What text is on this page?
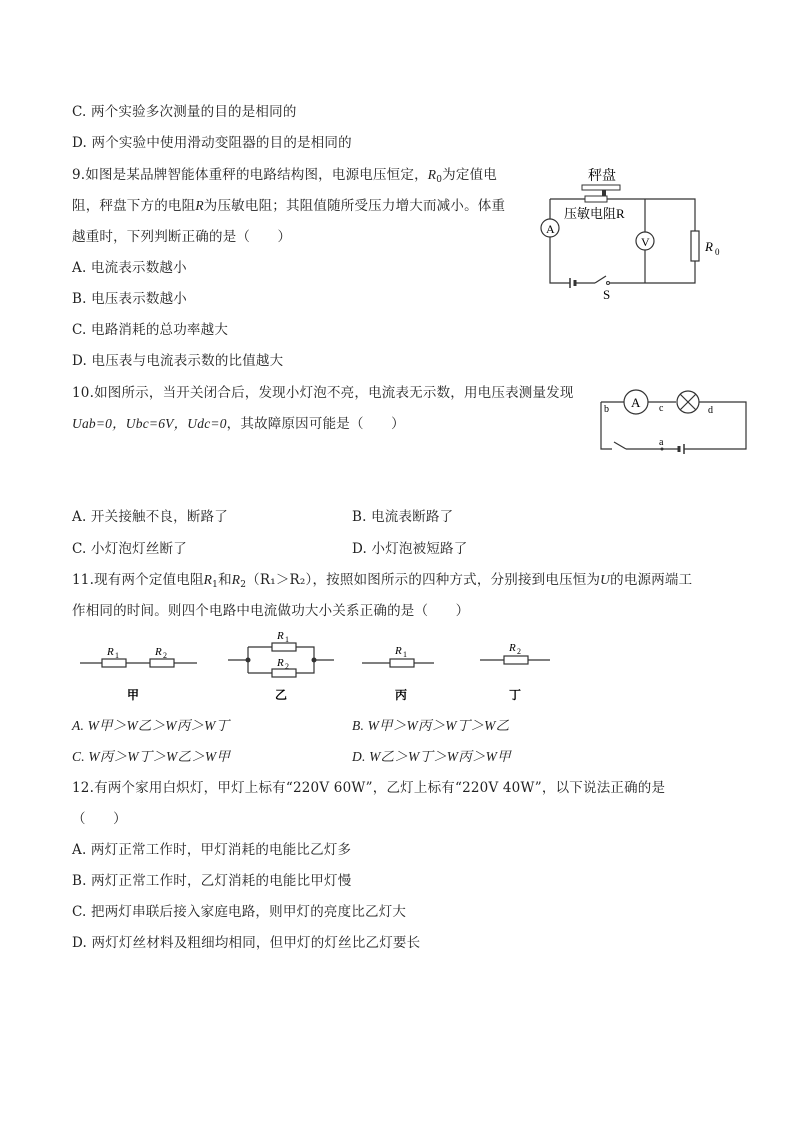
C. 两个实验多次测量的目的是相同的
D. 两个实验中使用滑动变阻器的目的是相同的
9.如图是某品牌智能体重秤的电路结构图，电源电压恒定，$R_0$为定值电
阻，秤盘下方的电阻R为压敏电阻；其阻值随所受压力增大而减小。体重
越重时，下列判断正确的是（　　）
A. 电流表示数越小
B. 电压表示数越小
C. 电路消耗的总功率越大
D. 电压表与电流表示数的比值越大
秤盘
压敏电阻R
S
A
V	R 0
10.如图所示，当开关闭合后，发现小灯泡不亮，电流表无示数，用电压表测量发现
Uab=0，Ubc=6V，Udc=0，其故障原因可能是（　　）
A
b	c	d
a
A. 开关接触不良，断路了	B. 电流表断路了
C. 小灯泡灯丝断了	D. 小灯泡被短路了
11.现有两个定值电阻$R_1$和$R_2(R_1>R_2)$，按照如图所示的四种方式，分别接到电压恒为U的电源两端工
作相同的时间。则四个电路中电流做功大小关系正确的是（　　）
R 1	R 2
甲
R 1
R 2
乙
R 1
丙
R 2
丁
A. W甲＞W乙＞W丙＞W丁	B. W甲＞W丙＞W丁＞W乙
C. W丙＞W丁＞W乙＞W甲	D. W乙＞W丁＞W丙＞W甲
12.有两个家用白炽灯，甲灯上标有“220V 60W”，乙灯上标有“220V 40W”，以下说法正确的是
（　　）
A. 两灯正常工作时，甲灯消耗的电能比乙灯多
B. 两灯正常工作时，乙灯消耗的电能比甲灯慢
C. 把两灯串联后接入家庭电路，则甲灯的亮度比乙灯大
D. 两灯灯丝材料及粗细均相同，但甲灯的灯丝比乙灯要长
